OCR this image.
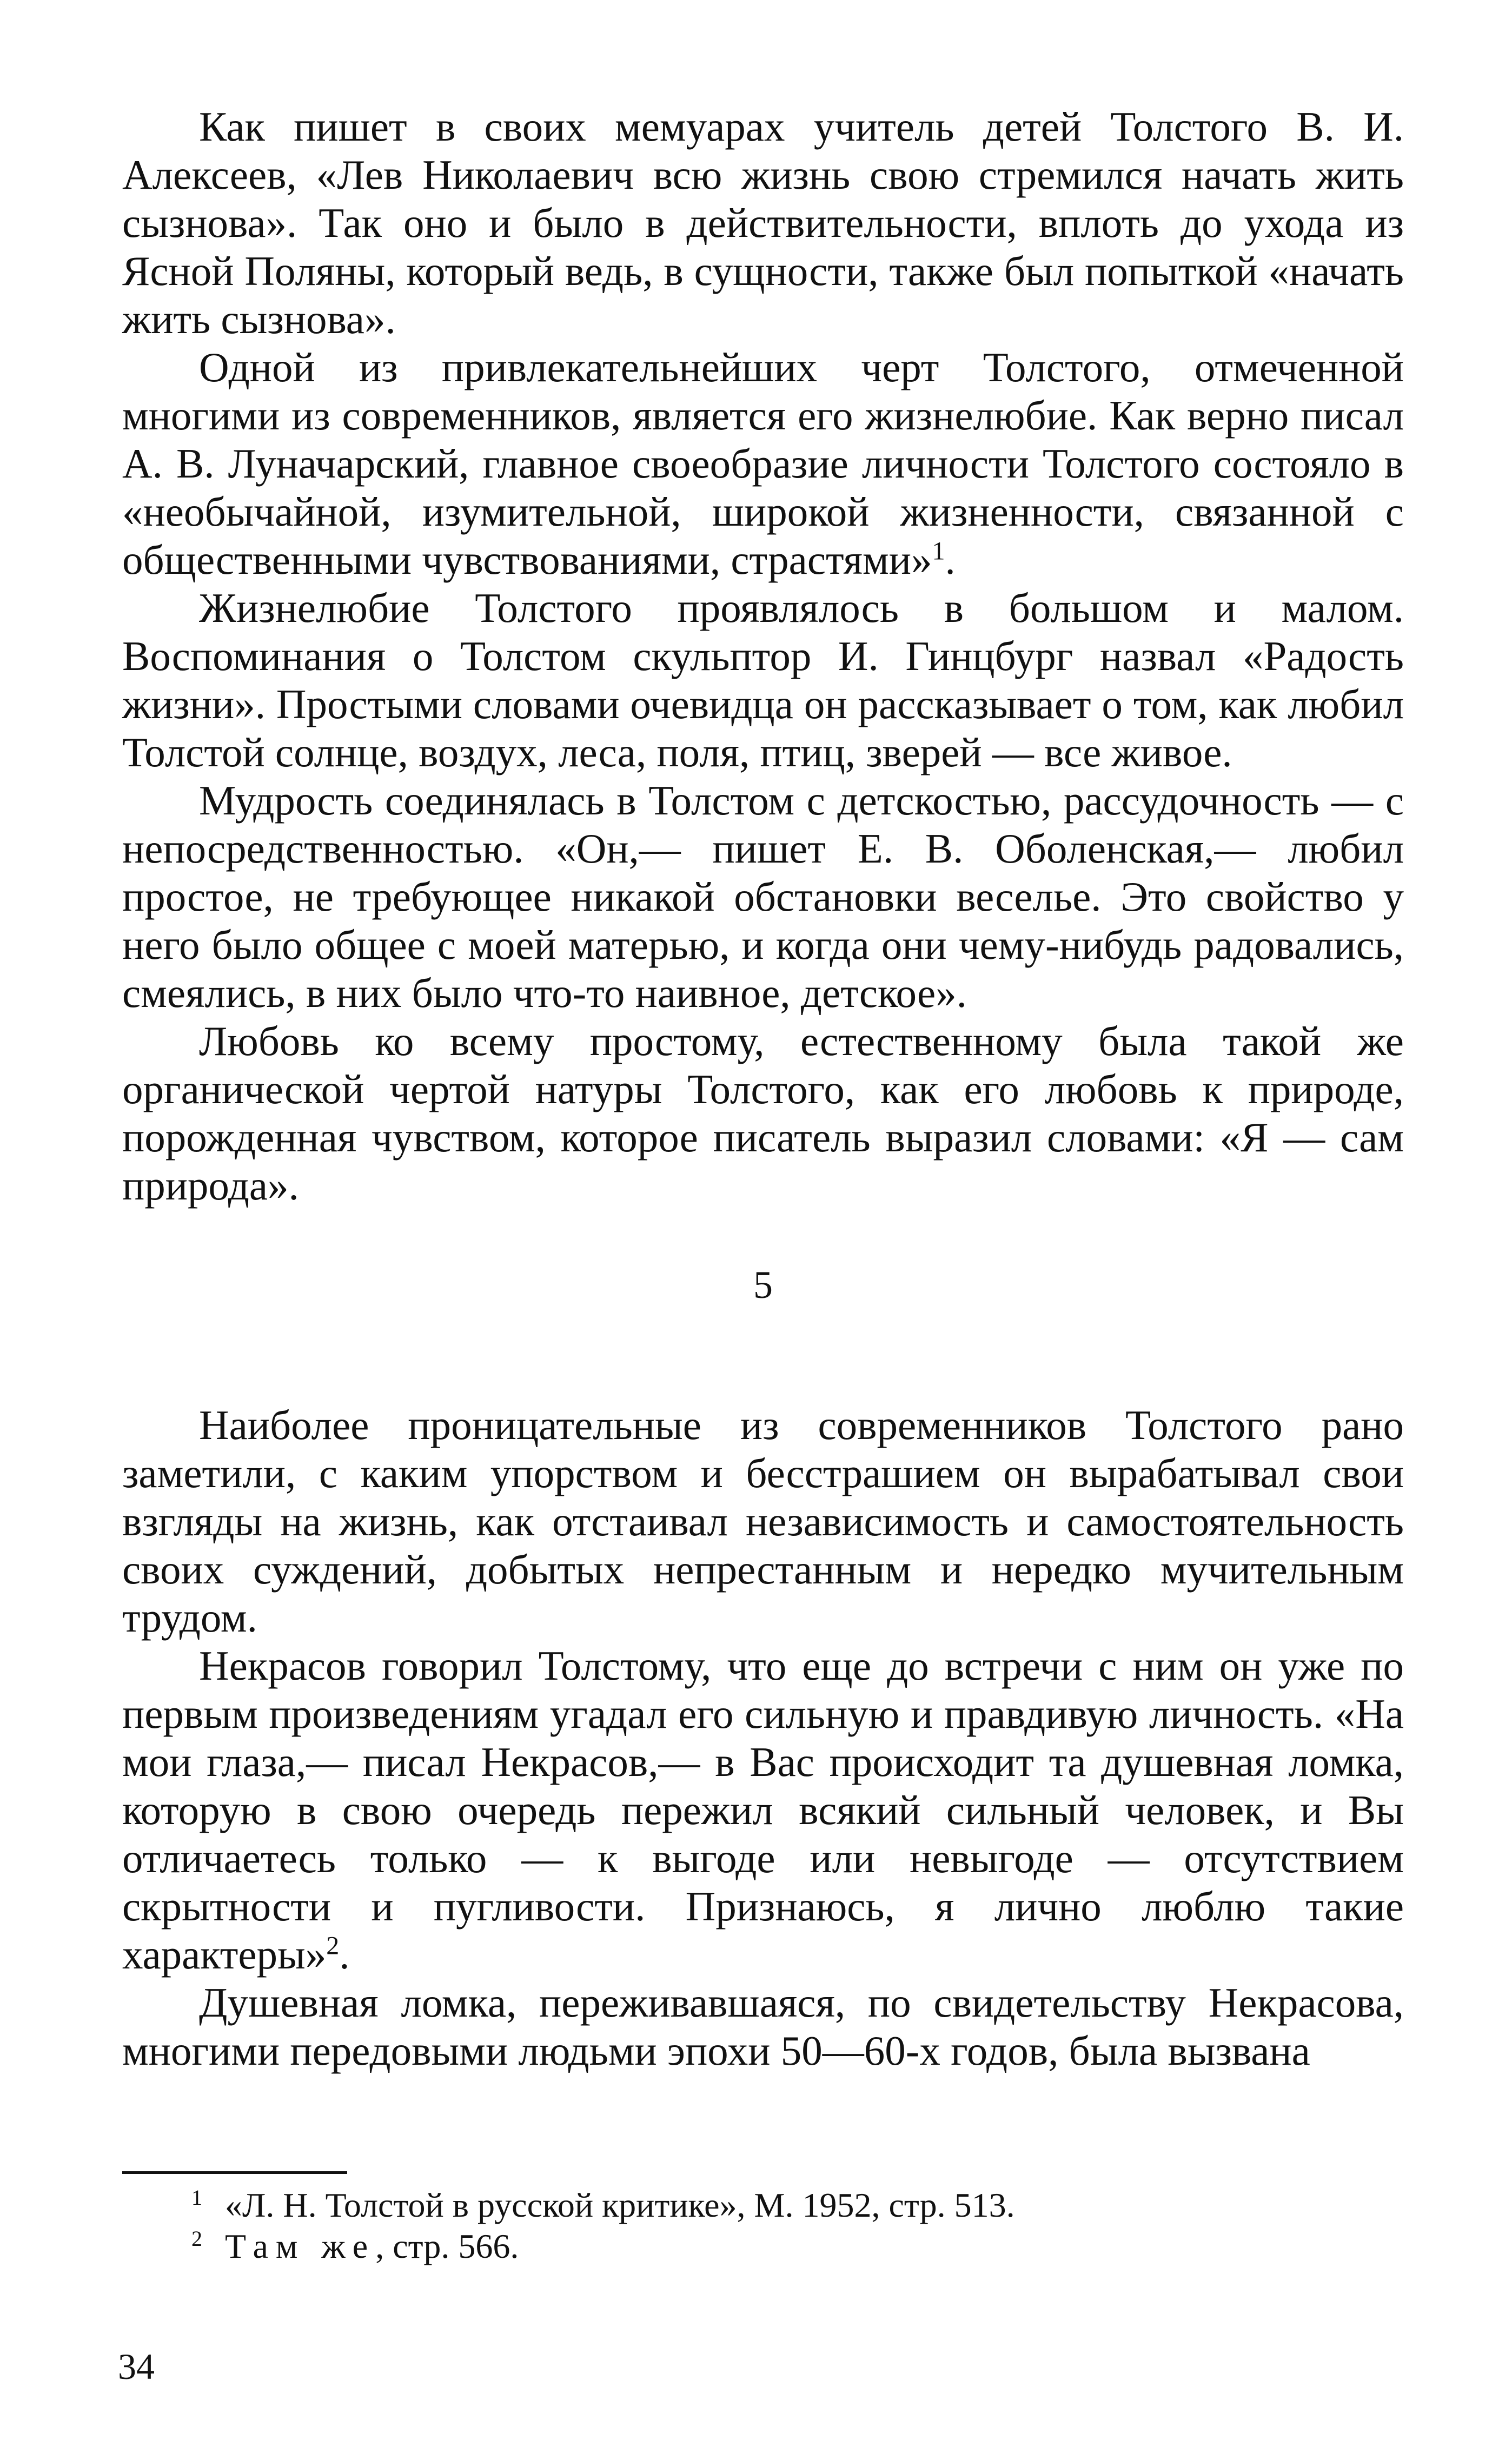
Как пишет в своих мемуарах учитель детей Толстого В. И. Алексеев, «Лев Николаевич всю жизнь свою стремился начать жить сызнова». Так оно и было в действительности, вплоть до ухода из Ясной Поляны, который ведь, в сущности, также был попыткой «начать жить сызнова».

Одной из привлекательнейших черт Толстого, отмеченной многими из современников, является его жизнелюбие. Как верно писал А. В. Луначарский, главное своеобразие личности Толстого состояло в «необычайной, изумительной, широкой жизненности, связанной с общественными чувствованиями, страстями»$^1$.

Жизнелюбие Толстого проявлялось в большом и малом. Воспоминания о Толстом скульптор И. Гинцбург назвал «Радость жизни». Простыми словами очевидца он рассказывает о том, как любил Толстой солнце, воздух, леса, поля, птиц, зверей — все живое.

Мудрость соединялась в Толстом с детскостью, рассудочность — с непосредственностью. «Он,— пишет Е. В. Оболенская,— любил простое, не требующее никакой обстановки веселье. Это свойство у него было общее с моей матерью, и когда они чему-нибудь радовались, смеялись, в них было что-то наивное, детское».

Любовь ко всему простому, естественному была такой же органической чертой натуры Толстого, как его любовь к природе, порожденная чувством, которое писатель выразил словами: «Я — сам природа».

5

Наиболее проницательные из современников Толстого рано заметили, с каким упорством и бесстрашием он вырабатывал свои взгляды на жизнь, как отстаивал независимость и самостоятельность своих суждений, добытых непрестанным и нередко мучительным трудом.

Некрасов говорил Толстому, что еще до встречи с ним он уже по первым произведениям угадал его сильную и правдивую личность. «На мои глаза,— писал Некрасов,— в Вас происходит та душевная ломка, которую в свою очередь пережил всякий сильный человек, и Вы отличаетесь только — к выгоде или невыгоде — отсутствием скрытности и пугливости. Признаюсь, я лично люблю такие характеры»$^2$.

Душевная ломка, переживавшаяся, по свидетельству Некрасова, многими передовыми людьми эпохи 50—60-х годов, была вызвана

1 «Л. Н. Толстой в русской критике», М. 1952, стр. 513.
2 Там же, стр. 566.
34
